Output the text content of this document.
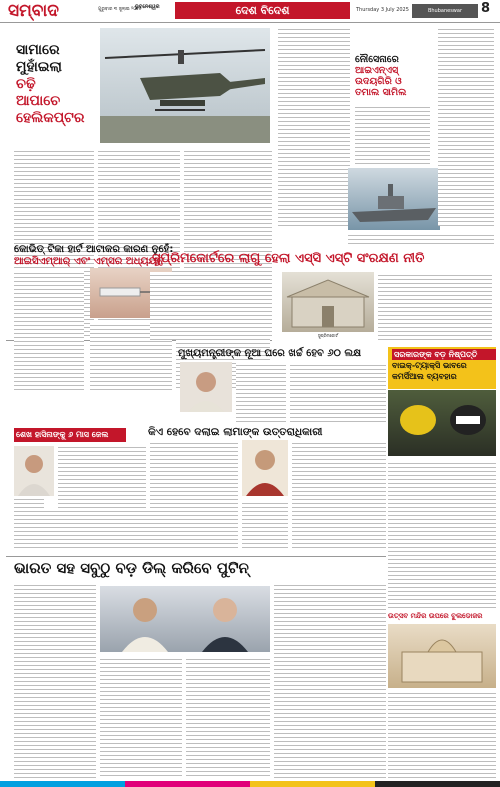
ସମ୍ବାଦ	ଗୁରୁବାର ୩ ଜୁଲାଇ ୨୦୨୫
ଭୁବନେଶ୍ୱର	ଦେଶ ବିଦେଶ	Thursday 3 July 2025	Bhubaneswar	8
ସାମାରେ
ମୁହାଁଇଲା
ଚଢ଼ି
ଆପାଚେ
ହେଲିକପ୍ଟର
ନୌସେନାରେ
ଆଇଏନ୍‌ଏସ୍
ଉଦୟଗିରି ଓ
ତମାଲ ସାମିଲ
କୋଭିଡ୍ ଟିକା ହାର୍ଟ ଆଟାକର କାରଣ ନୁହେଁ:
ଆଇସିଏମ୍‌ଆର୍ ଏବଂ ଏମ୍ସର ଅଧ୍ୟୟନ
ସୁପ୍ରିମକୋର୍ଟରେ ଲାଗୁ ହେଲା ଏସ୍‌ସି ଏସ୍‌ଟି ସଂରକ୍ଷଣ ନୀତି
ସୁପ୍ରିମକୋର୍ଟ
ମୁଖ୍ୟମନ୍ତ୍ରୀଙ୍କ ନୂଆ ଘରେ ଖର୍ଚ୍ଚ ହେବ ୬୦ ଲକ୍ଷ	ସରକାରଙ୍କ ବଡ଼ ନିଷ୍ପତ୍ତି
ବାଇକ୍-ଟ୍ୟାକ୍ସି ଭାବରେ
କମର୍ସିଆଲ ବ୍ୟବହାର
ଶେଖ ହାସିନାଙ୍କୁ ୬ ମାସ ଜେଲ	କିଏ ହେବେ ଦଲାଇ ଲାମାଙ୍କ ଉତ୍ତରାଧିକାରୀ
ଭାରତ ସହ ସବୁଠୁ ବଡ଼ ଡିଲ୍ କରିବେ ପୁଟିନ୍
ଉତ୍ସବ ମନ୍ଦିର ଉପରେ ବୁଲଡୋଜର
